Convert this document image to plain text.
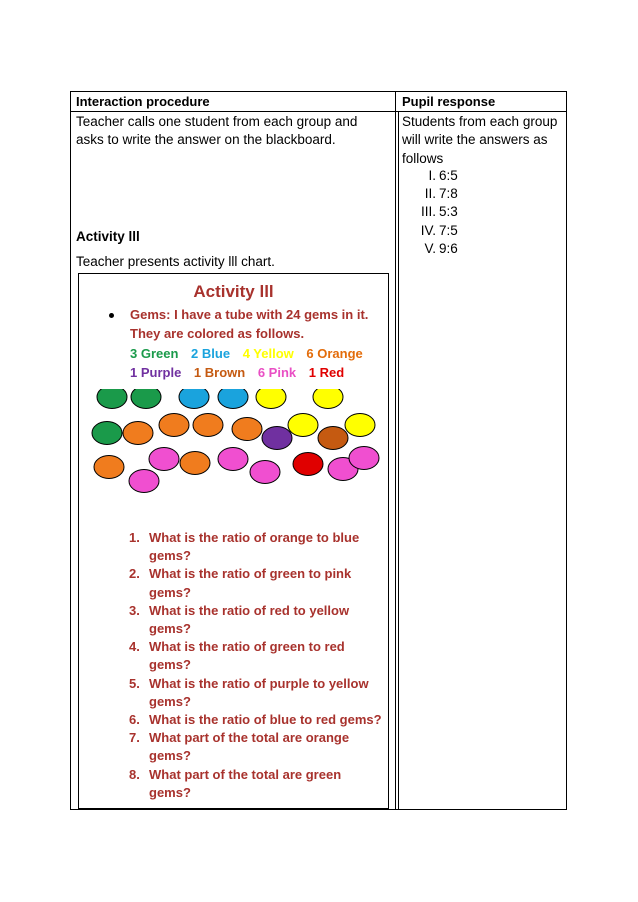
Interaction procedure	Pupil response
Teacher calls one student from each group and
asks to write the answer on the blackboard.
Activity lll
Teacher presents activity lll chart.
Students from each group
will write the answers as
follows
I. 6:5
II. 7:8
III. 5:3
IV. 7:5
V. 9:6
Activity lll
Gems: I have a tube with 24 gems in it.
They are colored as follows.
3 Green 2 Blue 4 Yellow 6 Orange
1 Purple 1 Brown 6 Pink 1 Red
1. What is the ratio of orange to blue
gems?
2. What is the ratio of green to pink
gems?
3. What is the ratio of red to yellow
gems?
4. What is the ratio of green to red
gems?
5. What is the ratio of purple to yellow
gems?
6. What is the ratio of blue to red gems?
7. What part of the total are orange
gems?
8. What part of the total are green
gems?
